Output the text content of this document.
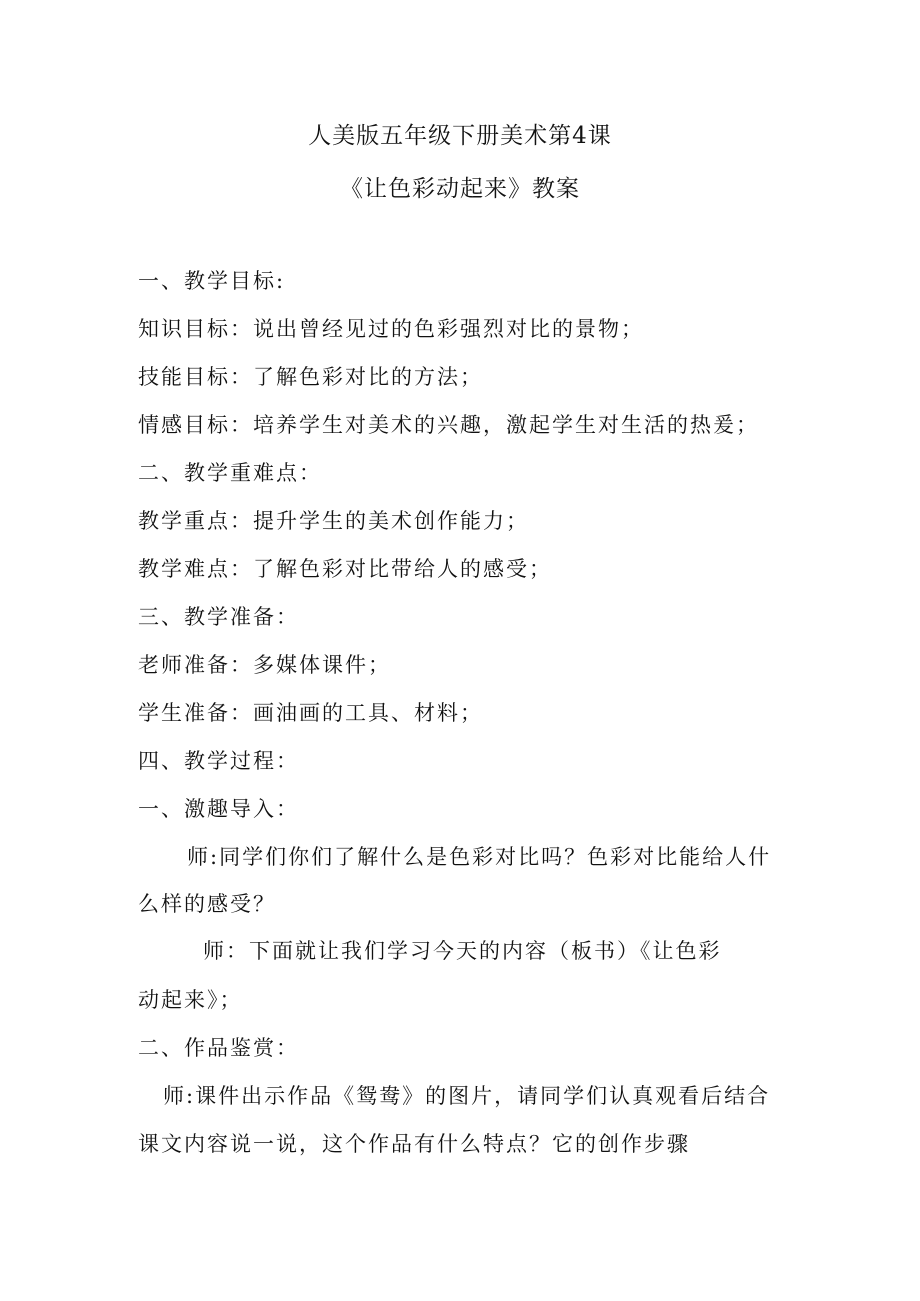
人美版五年级下册美术第4课
《让色彩动起来》教案
一、教学目标:
知识目标：说出曾经见过的色彩强烈对比的景物；
技能目标：了解色彩对比的方法；
情感目标：培养学生对美术的兴趣，激起学生对生活的热爰；
二、教学重难点：
教学重点：提升学生的美术创作能力；
教学难点：了解色彩对比带给人的感受；
三、教学准备：
老师准备：多媒体课件；
学生准备：画油画的工具、材料；
四、教学过程：
一、激趣导入：
师:同学们你们了解什么是色彩对比吗？色彩对比能给人什
么样的感受？
师：下面就让我们学习今天的内容（板书）《让色彩
动起来》；
二、作品鉴赏：
师:课件出示作品《鸳鸯》的图片，请同学们认真观看后结合
课文内容说一说，这个作品有什么特点？它的创作步骤
